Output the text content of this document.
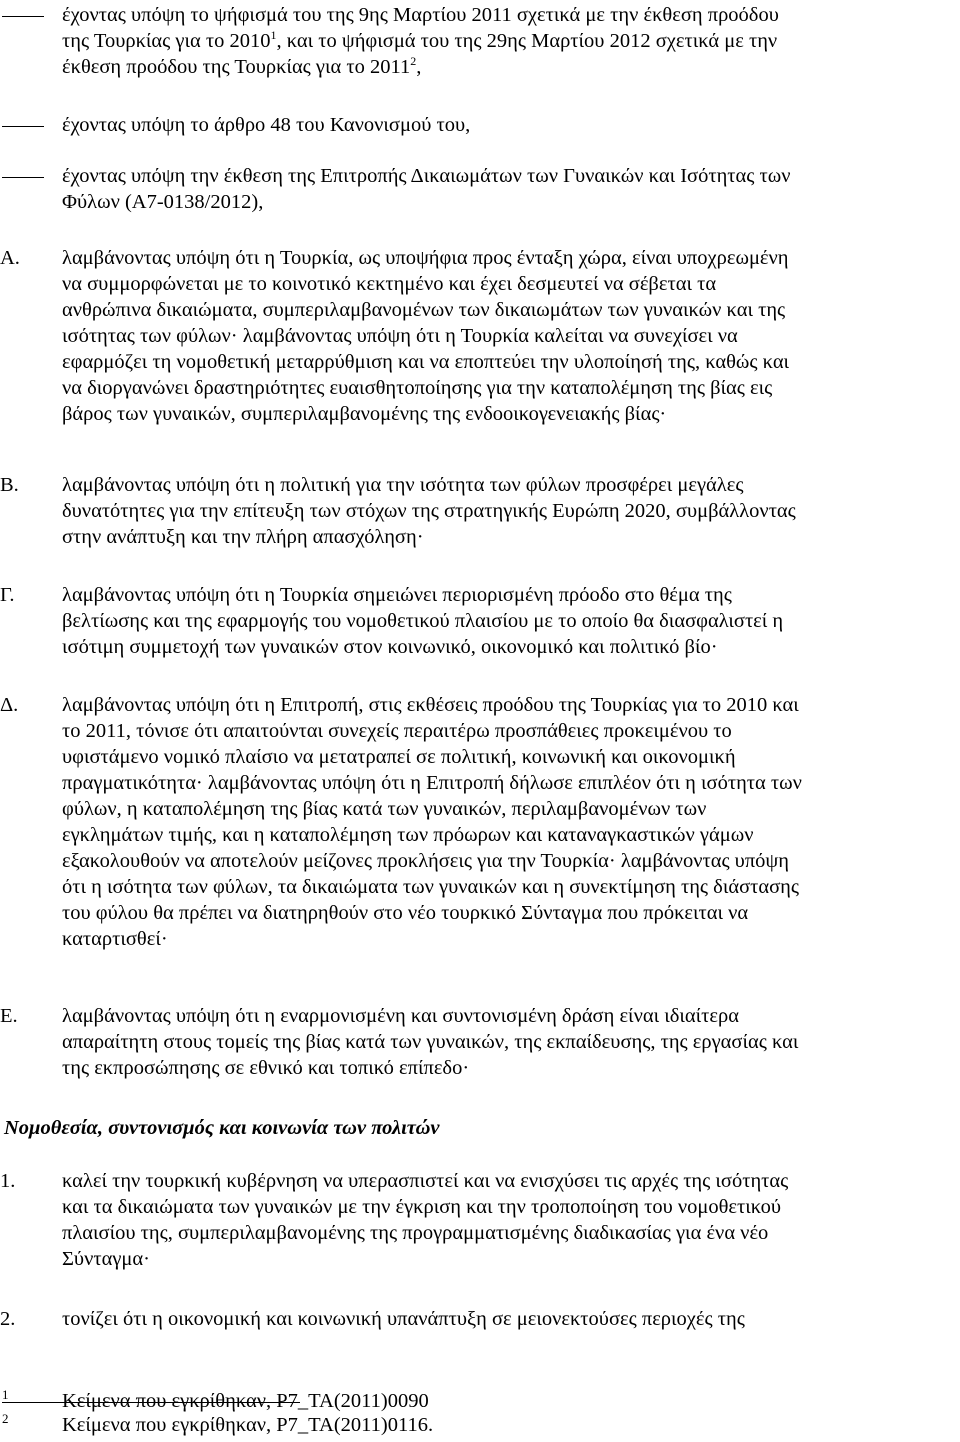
έχοντας υπόψη το ψήφισμά του της 9ης Μαρτίου 2011 σχετικά με την έκθεση προόδου
της Τουρκίας για το 2010$^1$, και το ψήφισμά του της 29ης Μαρτίου 2012 σχετικά με την
έκθεση προόδου της Τουρκίας για το 2011$^2$,
έχοντας υπόψη το άρθρο 48 του Κανονισμού του,
έχοντας υπόψη την έκθεση της Επιτροπής Δικαιωμάτων των Γυναικών και Ισότητας των
Φύλων (A7-0138/2012),
A. λαμβάνοντας υπόψη ότι η Τουρκία, ως υποψήφια προς ένταξη χώρα, είναι υποχρεωμένη
να συμμορφώνεται με το κοινοτικό κεκτημένο και έχει δεσμευτεί να σέβεται τα
ανθρώπινα δικαιώματα, συμπεριλαμβανομένων των δικαιωμάτων των γυναικών και της
ισότητας των φύλων· λαμβάνοντας υπόψη ότι η Τουρκία καλείται να συνεχίσει να
εφαρμόζει τη νομοθετική μεταρρύθμιση και να εποπτεύει την υλοποίησή της, καθώς και
να διοργανώνει δραστηριότητες ευαισθητοποίησης για την καταπολέμηση της βίας εις
βάρος των γυναικών, συμπεριλαμβανομένης της ενδοοικογενειακής βίας·
B. λαμβάνοντας υπόψη ότι η πολιτική για την ισότητα των φύλων προσφέρει μεγάλες
δυνατότητες για την επίτευξη των στόχων της στρατηγικής Ευρώπη 2020, συμβάλλοντας
στην ανάπτυξη και την πλήρη απασχόληση·
Γ. λαμβάνοντας υπόψη ότι η Τουρκία σημειώνει περιορισμένη πρόοδο στο θέμα της
βελτίωσης και της εφαρμογής του νομοθετικού πλαισίου με το οποίο θα διασφαλιστεί η
ισότιμη συμμετοχή των γυναικών στον κοινωνικό, οικονομικό και πολιτικό βίο·
Δ. λαμβάνοντας υπόψη ότι η Επιτροπή, στις εκθέσεις προόδου της Τουρκίας για το 2010 και
το 2011, τόνισε ότι απαιτούνται συνεχείς περαιτέρω προσπάθειες προκειμένου το
υφιστάμενο νομικό πλαίσιο να μετατραπεί σε πολιτική, κοινωνική και οικονομική
πραγματικότητα· λαμβάνοντας υπόψη ότι η Επιτροπή δήλωσε επιπλέον ότι η ισότητα των
φύλων, η καταπολέμηση της βίας κατά των γυναικών, περιλαμβανομένων των
εγκλημάτων τιμής, και η καταπολέμηση των πρόωρων και καταναγκαστικών γάμων
εξακολουθούν να αποτελούν μείζονες προκλήσεις για την Τουρκία· λαμβάνοντας υπόψη
ότι η ισότητα των φύλων, τα δικαιώματα των γυναικών και η συνεκτίμηση της διάστασης
του φύλου θα πρέπει να διατηρηθούν στο νέο τουρκικό Σύνταγμα που πρόκειται να
καταρτισθεί·
E. λαμβάνοντας υπόψη ότι η εναρμονισμένη και συντονισμένη δράση είναι ιδιαίτερα
απαραίτητη στους τομείς της βίας κατά των γυναικών, της εκπαίδευσης, της εργασίας και
της εκπροσώπησης σε εθνικό και τοπικό επίπεδο·
Νομοθεσία, συντονισμός και κοινωνία των πολιτών
1. καλεί την τουρκική κυβέρνηση να υπερασπιστεί και να ενισχύσει τις αρχές της ισότητας
και τα δικαιώματα των γυναικών με την έγκριση και την τροποποίηση του νομοθετικού
πλαισίου της, συμπεριλαμβανομένης της προγραμματισμένης διαδικασίας για ένα νέο
Σύνταγμα·
2. τονίζει ότι η οικονομική και κοινωνική υπανάπτυξη σε μειονεκτούσες περιοχές της
1	Κείμενα που εγκρίθηκαν, P7_TA(2011)0090
2	Κείμενα που εγκρίθηκαν, P7_TA(2011)0116.
